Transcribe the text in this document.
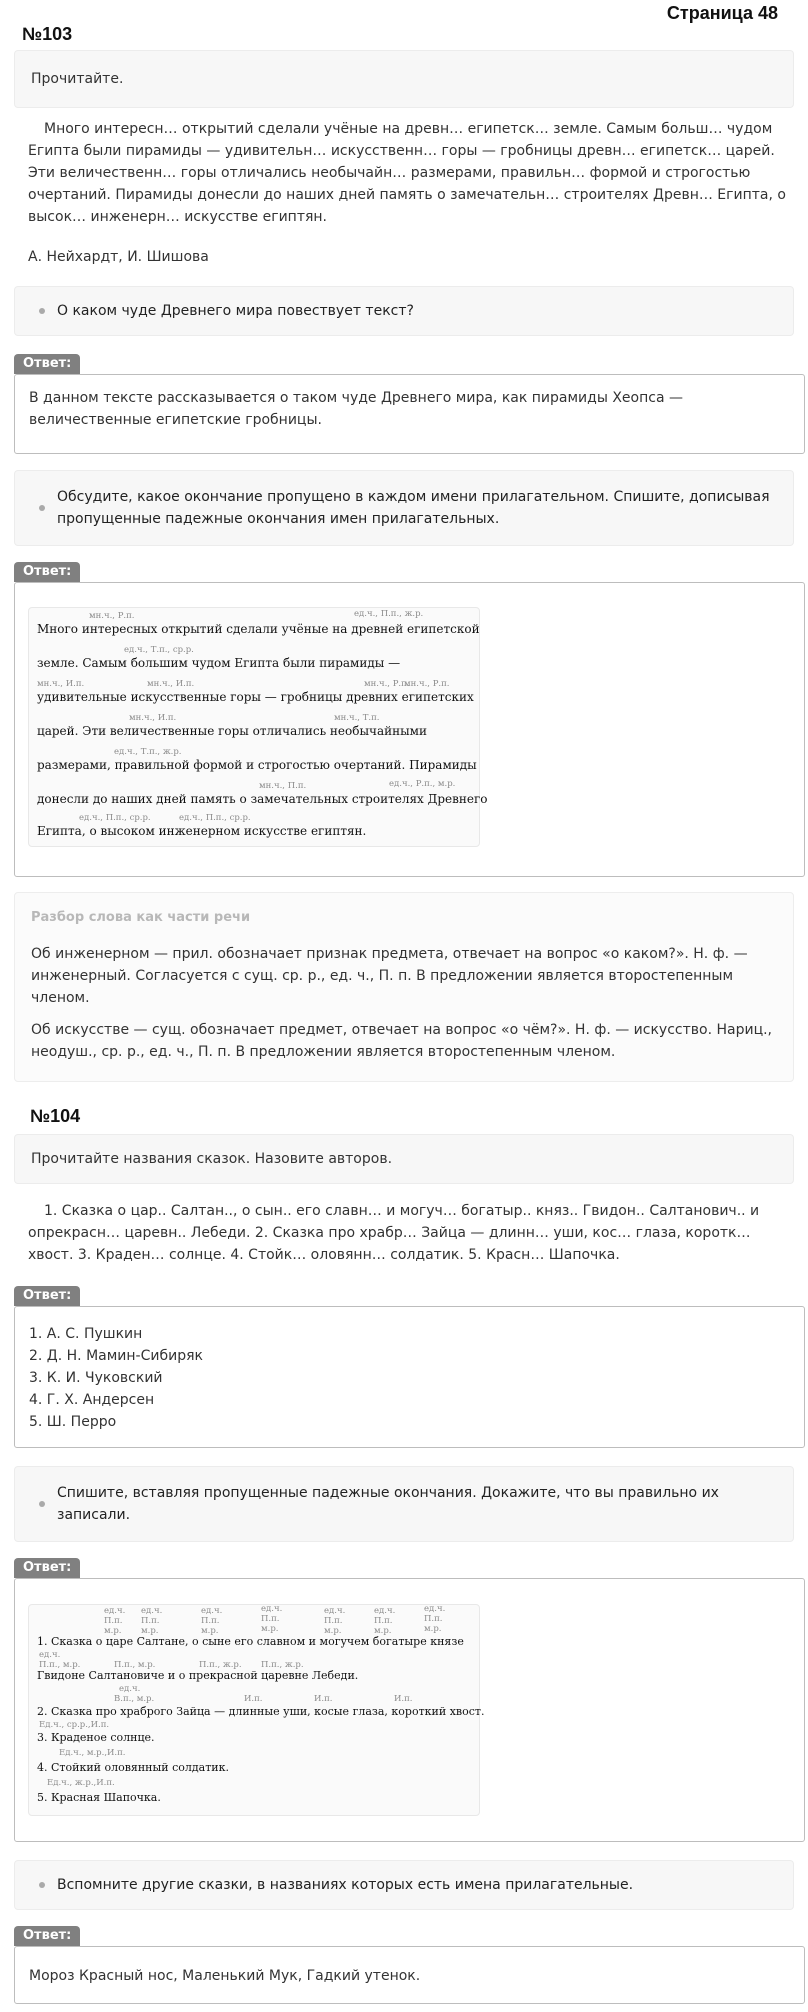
Страница 48
№103
Прочитайте.
Много интересн… открытий сделали учёные на древн… египетск… земле. Самым больш… чудом Египта были пирамиды — удивительн… искусственн… горы — гробницы древн… египетск… царей. Эти величественн… горы отличались необычайн… размерами, правильн… формой и строгостью очертаний. Пирамиды донесли до наших дней память о замечательн… строителях Древн… Египта, о высок… инженерн… искусстве египтян.
А. Нейхардт, И. Шишова
О каком чуде Древнего мира повествует текст?
Ответ:
В данном тексте рассказывается о таком чуде Древнего мира, как пирамиды Хеопса — величественные египетские гробницы.
Обсудите, какое окончание пропущено в каждом имени прилагательном. Спишите, дописывая пропущенные падежные окончания имен прилагательных.
Ответ:
мн.ч., Р.п.	ед.ч., П.п., ж.р.
Много интересных открытий сделали учёные на древней египетской
ед.ч., Т.п., ср.р.
земле. Самым большим чудом Египта были пирамиды —
мн.ч., И.п.	мн.ч., И.п.	мн.ч., Р.п.
мн.ч., Р.п.
удивительные искусственные горы — гробницы древних египетских
мн.ч., И.п.	мн.ч., Т.п.
царей. Эти величественные горы отличались необычайными
ед.ч., Т.п., ж.р.
размерами, правильной формой и строгостью очертаний. Пирамиды
мн.ч., П.п.	ед.ч., Р.п., м.р.
донесли до наших дней память о замечательных строителях Древнего
ед.ч., П.п., ср.р.	ед.ч., П.п., ср.р.
Египта, о высоком инженерном искусстве египтян.
Разбор слова как части речи

Об инженерном — прил. обозначает признак предмета, отвечает на вопрос «о каком?». Н. ф. — инженерный. Согласуется с сущ. ср. р., ед. ч., П. п. В предложении является второстепенным членом.

Об искусстве — сущ. обозначает предмет, отвечает на вопрос «о чём?». Н. ф. — искусство. Нариц., неодуш., ср. р., ед. ч., П. п. В предложении является второстепенным членом.

№104
Прочитайте названия сказок. Назовите авторов.
1. Сказка о цар.. Салтан.., о сын.. его славн… и могуч… богатыр.. княз.. Гвидон.. Салтанович.. и опрекрасн… царевн.. Лебеди. 2. Сказка про храбр… Зайца — длинн… уши, кос… глаза, коротк… хвост. 3. Краден… солнце. 4. Стойк… оловянн… солдатик. 5. Красн… Шапочка.
Ответ:
1. А. С. Пушкин
2. Д. Н. Мамин-Сибиряк
3. К. И. Чуковский
4. Г. Х. Андерсен
5. Ш. Перро
Спишите, вставляя пропущенные падежные окончания. Докажите, что вы правильно их записали.
Ответ:
ед.ч.
П.п.
м.р.
ед.ч.
П.п.
м.р.
ед.ч.
П.п.
м.р.
ед.ч.
П.п.
м.р.
ед.ч.
П.п.
м.р.
ед.ч.
П.п.
м.р.
ед.ч.
П.п.
м.р.
1. Сказка о царе Салтане, о сыне его славном и могучем богатыре князе
ед.ч.
П.п., м.р.	П.п., м.р.	П.п., ж.р. П.п., ж.р.
Гвидоне Салтановиче и о прекрасной царевне Лебеди.
ед.ч.
В.п., м.р.	И.п.	И.п.	И.п.
2. Сказка про храброго Зайца — длинные уши, косые глаза, короткий хвост.
Ед.ч., ср.р.,И.п.
3. Краденое солнце.
Ед.ч., м.р.,И.п.
4. Стойкий оловянный солдатик.
Ед.ч., ж.р.,И.п.
5. Красная Шапочка.
Вспомните другие сказки, в названиях которых есть имена прилагательные.
Ответ:
Мороз Красный нос, Маленький Мук, Гадкий утенок.
